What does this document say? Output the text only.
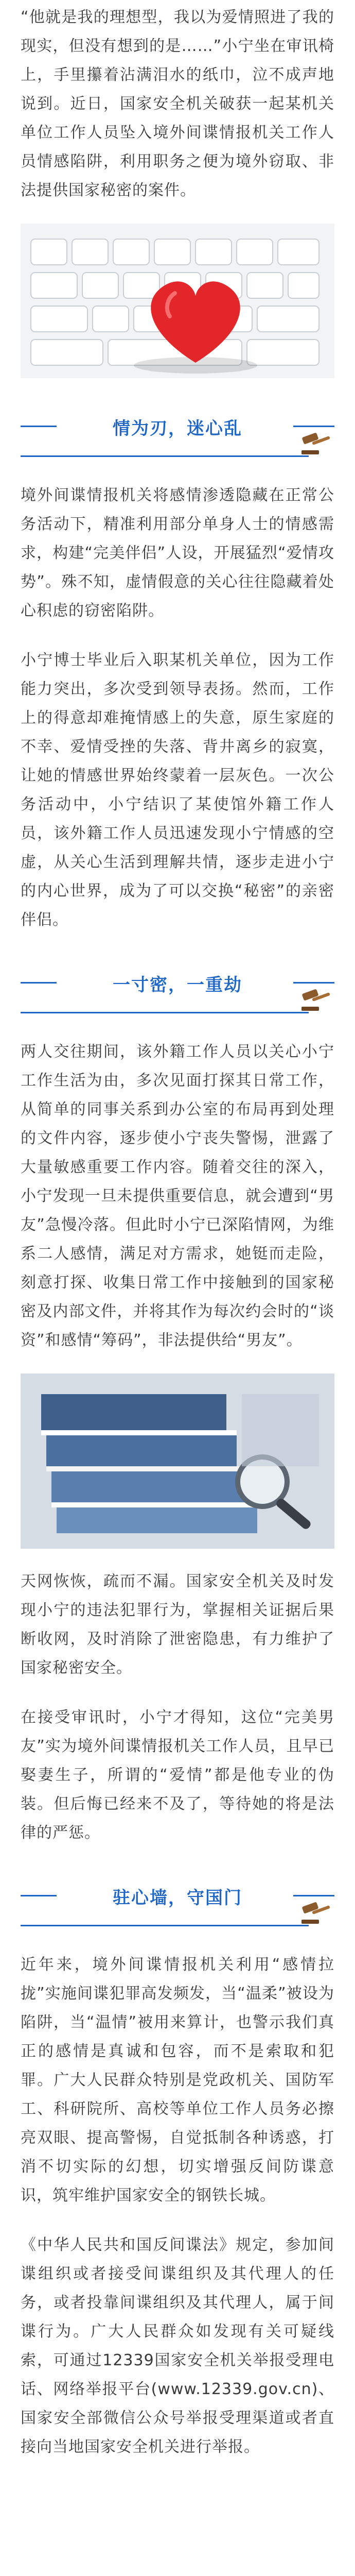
“他就是我的理想型，我以为爱情照进了我的现实，但没有想到的是……”小宁坐在审讯椅上，手里攥着沾满泪水的纸巾，泣不成声地说到。近日，国家安全机关破获一起某机关单位工作人员坠入境外间谍情报机关工作人员情感陷阱，利用职务之便为境外窃取、非法提供国家秘密的案件。

情为刃，迷心乱

境外间谍情报机关将感情渗透隐藏在正常公务活动下，精准利用部分单身人士的情感需求，构建“完美伴侣”人设，开展猛烈“爱情攻势”。殊不知，虚情假意的关心往往隐藏着处心积虑的窃密陷阱。

小宁博士毕业后入职某机关单位，因为工作能力突出，多次受到领导表扬。然而，工作上的得意却难掩情感上的失意，原生家庭的不幸、爱情受挫的失落、背井离乡的寂寞，让她的情感世界始终蒙着一层灰色。一次公务活动中，小宁结识了某使馆外籍工作人员，该外籍工作人员迅速发现小宁情感的空虚，从关心生活到理解共情，逐步走进小宁的内心世界，成为了可以交换“秘密”的亲密伴侣。

一寸密，一重劫

两人交往期间，该外籍工作人员以关心小宁工作生活为由，多次见面打探其日常工作，从简单的同事关系到办公室的布局再到处理的文件内容，逐步使小宁丧失警惕，泄露了大量敏感重要工作内容。随着交往的深入，小宁发现一旦未提供重要信息，就会遭到“男友”急慢冷落。但此时小宁已深陷情网，为维系二人感情，满足对方需求，她铤而走险，刻意打探、收集日常工作中接触到的国家秘密及内部文件，并将其作为每次约会时的“谈资”和感情“筹码”，非法提供给“男友”。

天网恢恢，疏而不漏。国家安全机关及时发现小宁的违法犯罪行为，掌握相关证据后果断收网，及时消除了泄密隐患，有力维护了国家秘密安全。

在接受审讯时，小宁才得知，这位“完美男友”实为境外间谍情报机关工作人员，且早已娶妻生子，所谓的“爱情”都是他专业的伪装。但后悔已经来不及了，等待她的将是法律的严惩。

驻心墙，守国门

近年来，境外间谍情报机关利用“感情拉拢”实施间谍犯罪高发频发，当“温柔”被设为陷阱，当“温情”被用来算计，也警示我们真正的感情是真诚和包容，而不是索取和犯罪。广大人民群众特别是党政机关、国防军工、科研院所、高校等单位工作人员务必擦亮双眼、提高警惕，自觉抵制各种诱惑，打消不切实际的幻想，切实增强反间防谍意识，筑牢维护国家安全的钢铁长城。

《中华人民共和国反间谍法》规定，参加间谍组织或者接受间谍组织及其代理人的任务，或者投靠间谍组织及其代理人，属于间谍行为。广大人民群众如发现有关可疑线索，可通过12339国家安全机关举报受理电话、网络举报平台(www.12339.gov.cn)、国家安全部微信公众号举报受理渠道或者直接向当地国家安全机关进行举报。
